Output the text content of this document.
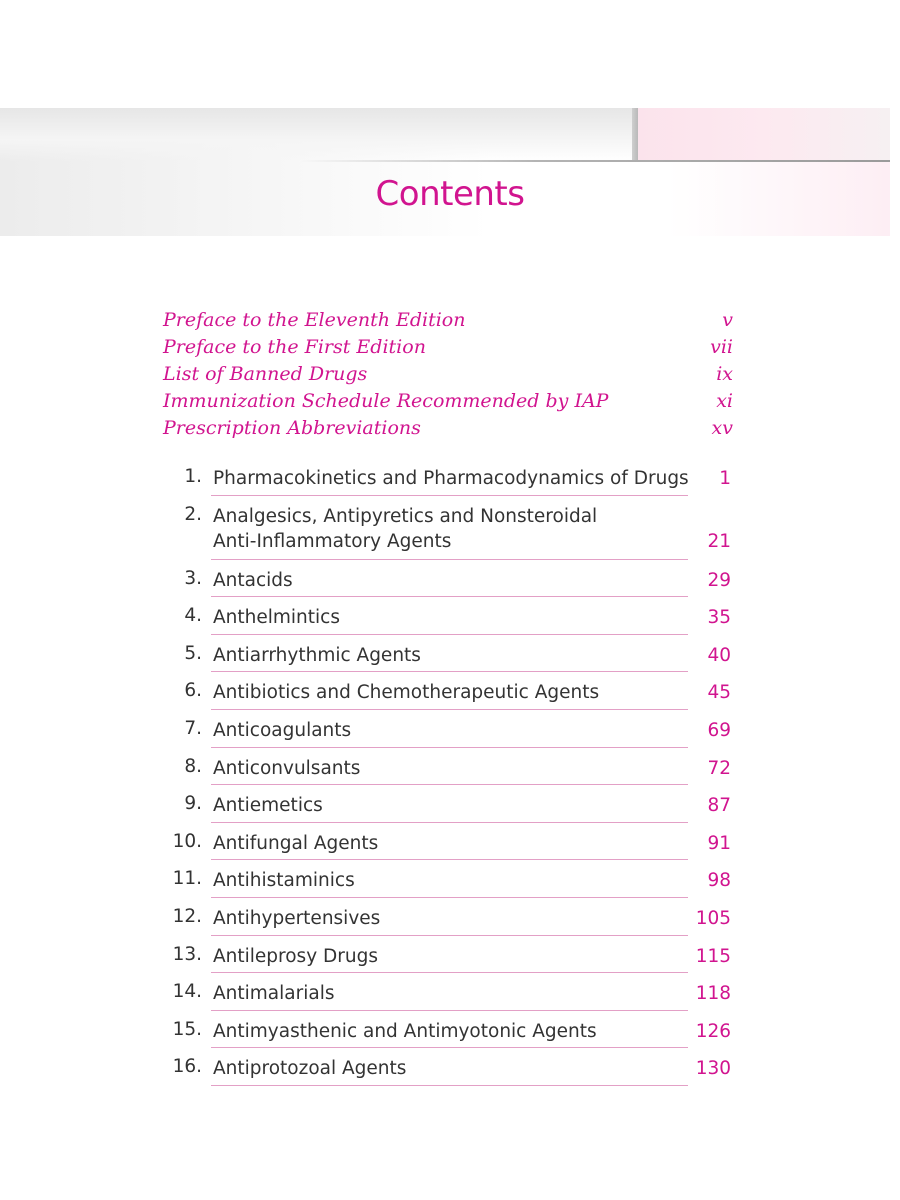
Contents
Preface to the Eleventh Edition	v
Preface to the First Edition	vii
List of Banned Drugs	ix
Immunization Schedule Recommended by IAP	xi
Prescription Abbreviations	xv
1. Pharmacokinetics and Pharmacodynamics of Drugs 1
2. Analgesics, Antipyretics and Nonsteroidal
Anti-Inflammatory Agents	21
3. Antacids	29
4. Anthelmintics	35
5. Antiarrhythmic Agents	40
6. Antibiotics and Chemotherapeutic Agents	45
7. Anticoagulants	69
8. Anticonvulsants	72
9. Antiemetics	87
10. Antifungal Agents	91
11. Antihistaminics	98
12. Antihypertensives	105
13. Antileprosy Drugs	115
14. Antimalarials	118
15. Antimyasthenic and Antimyotonic Agents	126
16. Antiprotozoal Agents	130
